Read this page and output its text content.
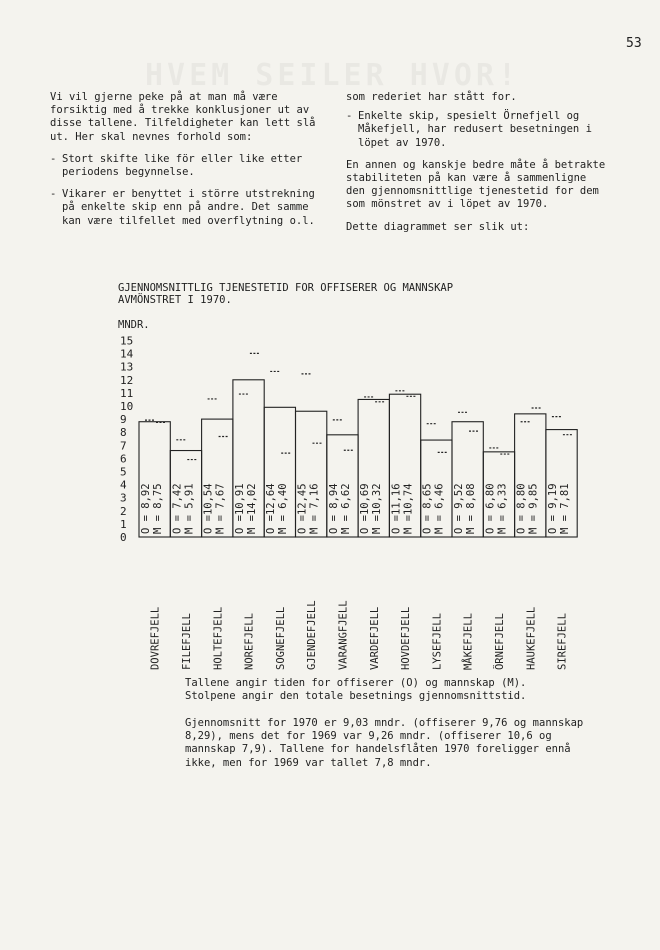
53

Vi vil gjerne peke på at man må være forsiktig med å trekke konklusjoner ut av disse tallene. Tilfeldigheter kan lett slå ut. Her skal nevnes forhold som:

- Stort skifte like för eller like etter periodens begynnelse.
- Vikarer er benyttet i större utstrekning på enkelte skip enn på andre. Det samme kan være tilfellet med overflytning o.l.

som rederiet har stått for.

- Enkelte skip, spesielt Örnefjell og Måkefjell, har redusert besetningen i löpet av 1970.

En annen og kanskje bedre måte å betrakte stabiliteten på kan være å sammenligne den gjennomsnittlige tjenestetid for dem som mönstret av i löpet av 1970.

Dette diagrammet ser slik ut:

GJENNOMSNITTLIG TJENESTETID FOR OFFISERER OG MANNSKAP
AVMÖNSTRET I 1970.
MNDR.
0
1
2
3
4
5
6
7
8
9
10
11
12
13
14
15
O = 8,92 M = 8,75
DOVREFJELL
O = 7,42 M = 5,91
FILEFJELL
O =10,54 M = 7,67
HOLTEFJELL
O =10,91 M =14,02
NOREFJELL
O =12,64 M = 6,40
SOGNEFJELL
O =12,45 M = 7,16
GJENDEFJELL
O = 8,94 M = 6,62
VARANGFJELL
O =10,69 M =10,32
VARDEFJELL
O =11,16 M =10,74
HOVDEFJELL
O = 8,65 M = 6,46
LYSEFJELL
O = 9,52 M = 8,08
MÅKEFJELL
O = 6,80 M = 6,33
ÖRNEFJELL
O = 8,80 M = 9,85
HAUKEFJELL
O = 9,19 M = 7,81
SIREFJELL
Tallene angir tiden for offiserer (O) og mannskap (M). Stolpene angir den totale besetnings gjennomsnittstid.
Gjennomsnitt for 1970 er 9,03 mndr. (offiserer 9,76 og mannskap 8,29), mens det for 1969 var 9,26 mndr. (offiserer 10,6 og mannskap 7,9). Tallene for handelsflåten 1970 foreligger ennå ikke, men for 1969 var tallet 7,8 mndr.
